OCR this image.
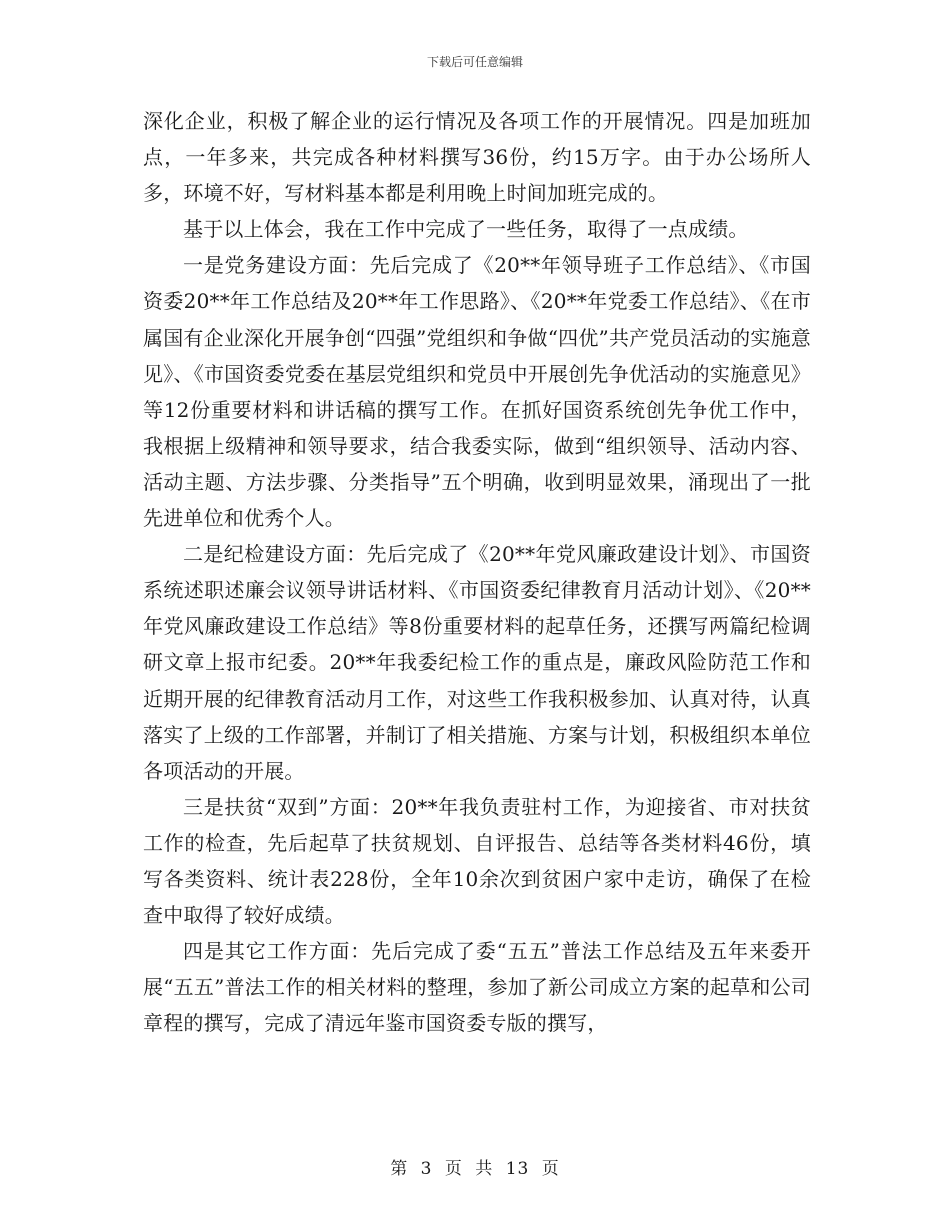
下载后可任意编辑

深化企业，积极了解企业的运行情况及各项工作的开展情况。四是加班加点，一年多来，共完成各种材料撰写36份，约15万字。由于办公场所人多，环境不好，写材料基本都是利用晚上时间加班完成的。

基于以上体会，我在工作中完成了一些任务，取得了一点成绩。

一是党务建设方面：先后完成了《20**年领导班子工作总结》、《市国资委20**年工作总结及20**年工作思路》、《20**年党委工作总结》、《在市属国有企业深化开展争创“四强”党组织和争做“四优”共产党员活动的实施意见》、《市国资委党委在基层党组织和党员中开展创先争优活动的实施意见》等12份重要材料和讲话稿的撰写工作。在抓好国资系统创先争优工作中，我根据上级精神和领导要求，结合我委实际，做到“组织领导、活动内容、活动主题、方法步骤、分类指导”五个明确，收到明显效果，涌现出了一批先进单位和优秀个人。

二是纪检建设方面：先后完成了《20**年党风廉政建设计划》、市国资系统述职述廉会议领导讲话材料、《市国资委纪律教育月活动计划》、《20**年党风廉政建设工作总结》等8份重要材料的起草任务，还撰写两篇纪检调研文章上报市纪委。20**年我委纪检工作的重点是，廉政风险防范工作和近期开展的纪律教育活动月工作，对这些工作我积极参加、认真对待，认真落实了上级的工作部署，并制订了相关措施、方案与计划，积极组织本单位各项活动的开展。

三是扶贫“双到”方面：20**年我负责驻村工作，为迎接省、市对扶贫工作的检查，先后起草了扶贫规划、自评报告、总结等各类材料46份，填写各类资料、统计表228份，全年10余次到贫困户家中走访，确保了在检查中取得了较好成绩。

四是其它工作方面：先后完成了委“五五”普法工作总结及五年来委开展“五五”普法工作的相关材料的整理，参加了新公司成立方案的起草和公司章程的撰写，完成了清远年鉴市国资委专版的撰写，

第 3 页 共 13 页
